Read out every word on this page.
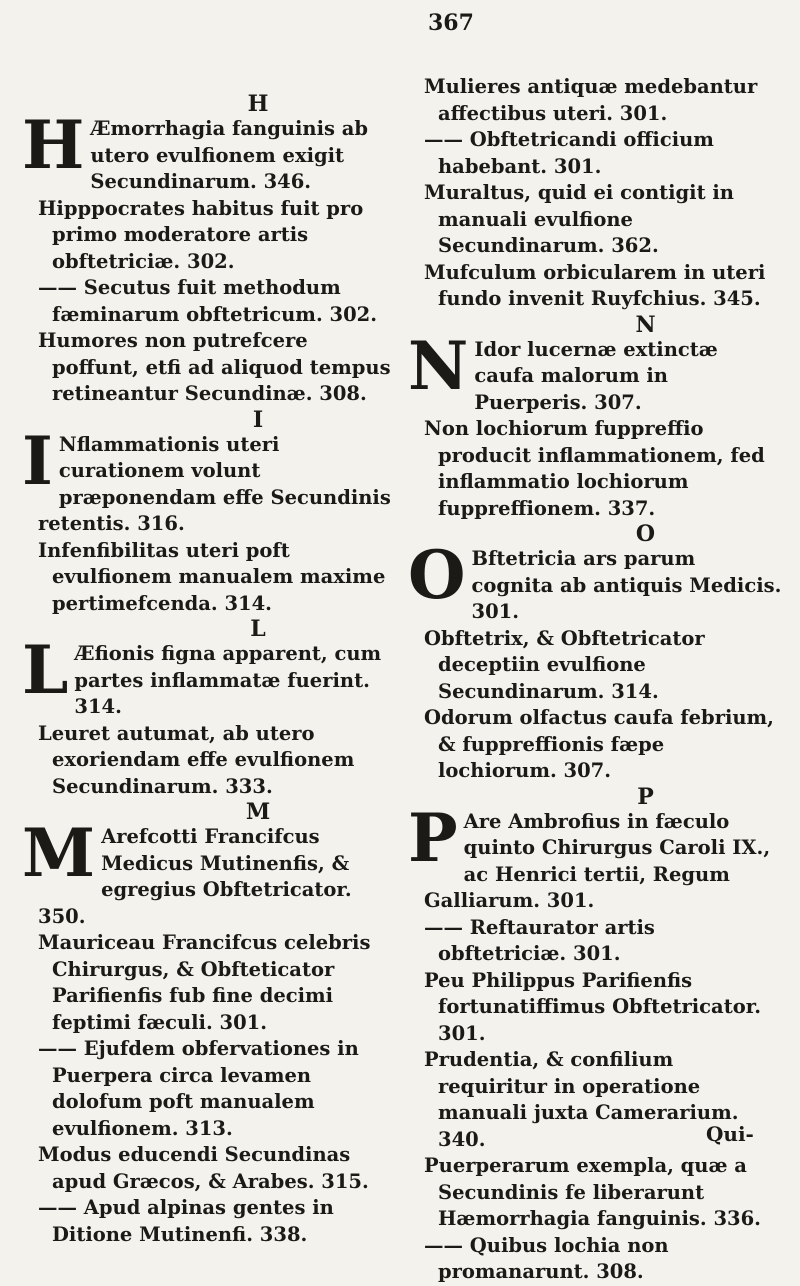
367
H

H Æmorrhagia fanguinis ab utero evulfionem exigit Secundinarum. 346.

Hipppocrates habitus fuit pro primo moderatore artis obftetriciæ. 302.

—— Secutus fuit methodum fæminarum obftetricum. 302.

Humores non putrefcere poffunt, etfi ad aliquod tempus retineantur Secundinæ. 308.

I

I Nflammationis uteri curationem volunt præponendam effe Secundinis retentis. 316.

Infenfibilitas uteri poft evulfionem manualem maxime pertimefcenda. 314.

L

L Æfionis figna apparent, cum partes inflammatæ fuerint. 314.

Leuret autumat, ab utero exoriendam effe evulfionem Secundinarum. 333.

M

M Arefcotti Francifcus Medicus Mutinenfis, & egregius Obftetricator. 350.

Mauriceau Francifcus celebris Chirurgus, & Obfteticator Parifienfis fub fine decimi feptimi fæculi. 301.

—— Ejufdem obfervationes in Puerpera circa levamen dolofum poft manualem evulfionem. 313.

Modus educendi Secundinas apud Græcos, & Arabes. 315.

—— Apud alpinas gentes in Ditione Mutinenfi. 338.

Mulieres antiquæ medebantur affectibus uteri. 301.

—— Obftetricandi officium habebant. 301.

Muraltus, quid ei contigit in manuali evulfione Secundinarum. 362.

Mufculum orbicularem in uteri fundo invenit Ruyfchius. 345.

N

N Idor lucernæ extinctæ caufa malorum in Puerperis. 307.

Non lochiorum fuppreffio producit inflammationem, fed inflammatio lochiorum fuppreffionem. 337.

O

O Bftetricia ars parum cognita ab antiquis Medicis. 301.

Obftetrix, & Obftetricator deceptiin evulfione Secundinarum. 314.

Odorum olfactus caufa febrium, & fuppreffionis fæpe lochiorum. 307.

P

P Are Ambrofius in fæculo quinto Chirurgus Caroli IX., ac Henrici tertii, Regum Galliarum. 301.

—— Reftaurator artis obftetriciæ. 301.

Peu Philippus Parifienfis fortunatiffimus Obftetricator. 301.

Prudentia, & confilium requiritur in operatione manuali juxta Camerarium. 340.

Puerperarum exempla, quæ a Secundinis fe liberarunt Hæmorrhagia fanguinis. 336.

—— Quibus lochia non promanarunt. 308.

Qui-
